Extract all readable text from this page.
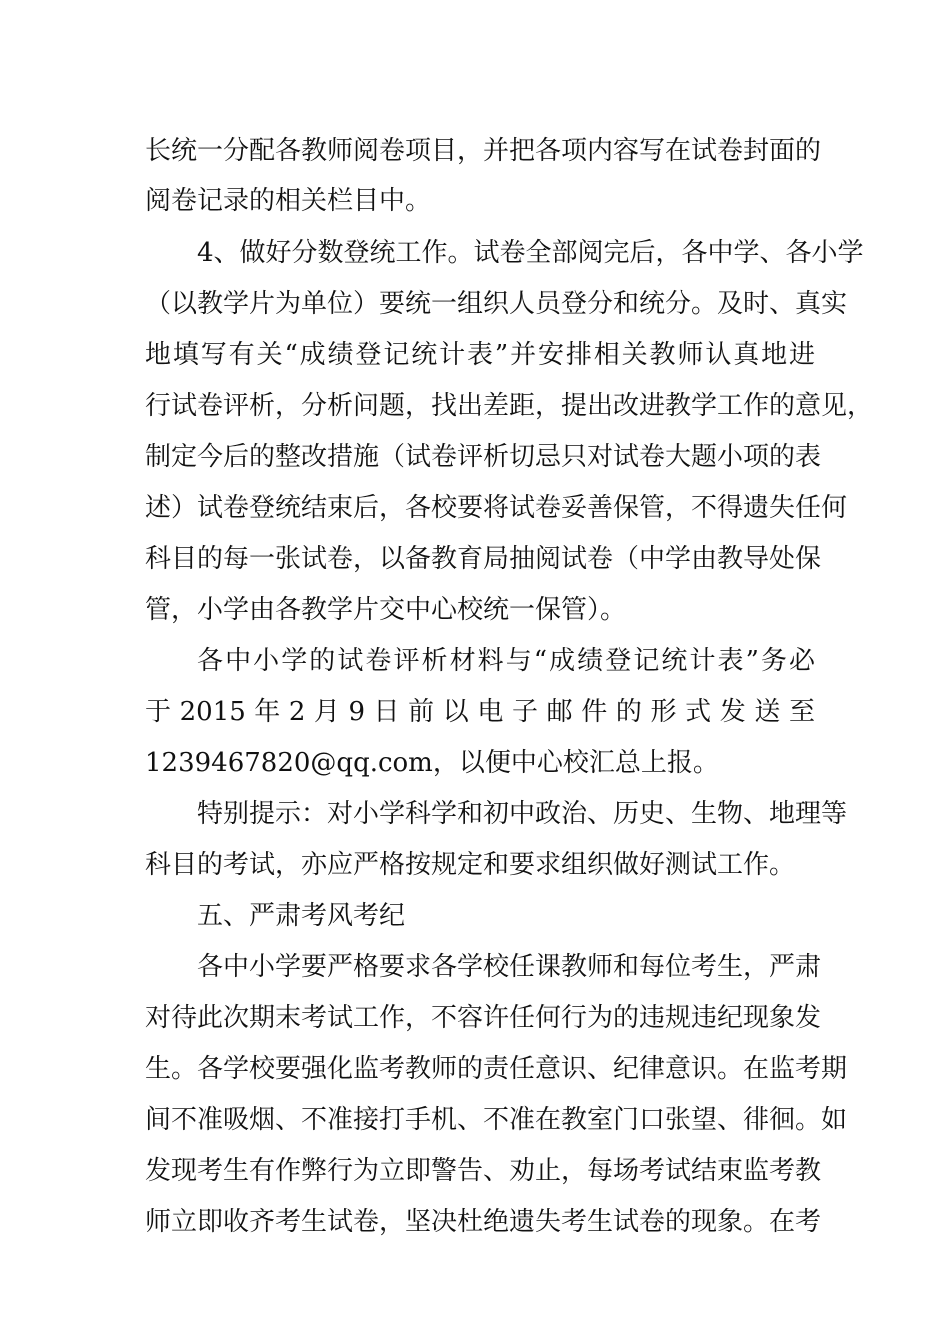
长统一分配各教师阅卷项目，并把各项内容写在试卷封面的
阅卷记录的相关栏目中。
4、做好分数登统工作。试卷全部阅完后，各中学、各小学
（以教学片为单位）要统一组织人员登分和统分。及时、真实
地填写有关“成绩登记统计表”并安排相关教师认真地进
行试卷评析，分析问题，找出差距，提出改进教学工作的意见，
制定今后的整改措施（试卷评析切忌只对试卷大题小项的表
述）试卷登统结束后，各校要将试卷妥善保管，不得遗失任何
科目的每一张试卷，以备教育局抽阅试卷（中学由教导处保
管，小学由各教学片交中心校统一保管）。
各中小学的试卷评析材料与“成绩登记统计表”务必
于 2015 年 2 月 9 日 前 以 电 子 邮 件 的 形 式 发 送 至
1239467820@qq.com，以便中心校汇总上报。
特别提示：对小学科学和初中政治、历史、生物、地理等
科目的考试，亦应严格按规定和要求组织做好测试工作。
五、严肃考风考纪
各中小学要严格要求各学校任课教师和每位考生，严肃
对待此次期末考试工作，不容许任何行为的违规违纪现象发
生。各学校要强化监考教师的责任意识、纪律意识。在监考期
间不准吸烟、不准接打手机、不准在教室门口张望、徘徊。如
发现考生有作弊行为立即警告、劝止，每场考试结束监考教
师立即收齐考生试卷，坚决杜绝遗失考生试卷的现象。在考
